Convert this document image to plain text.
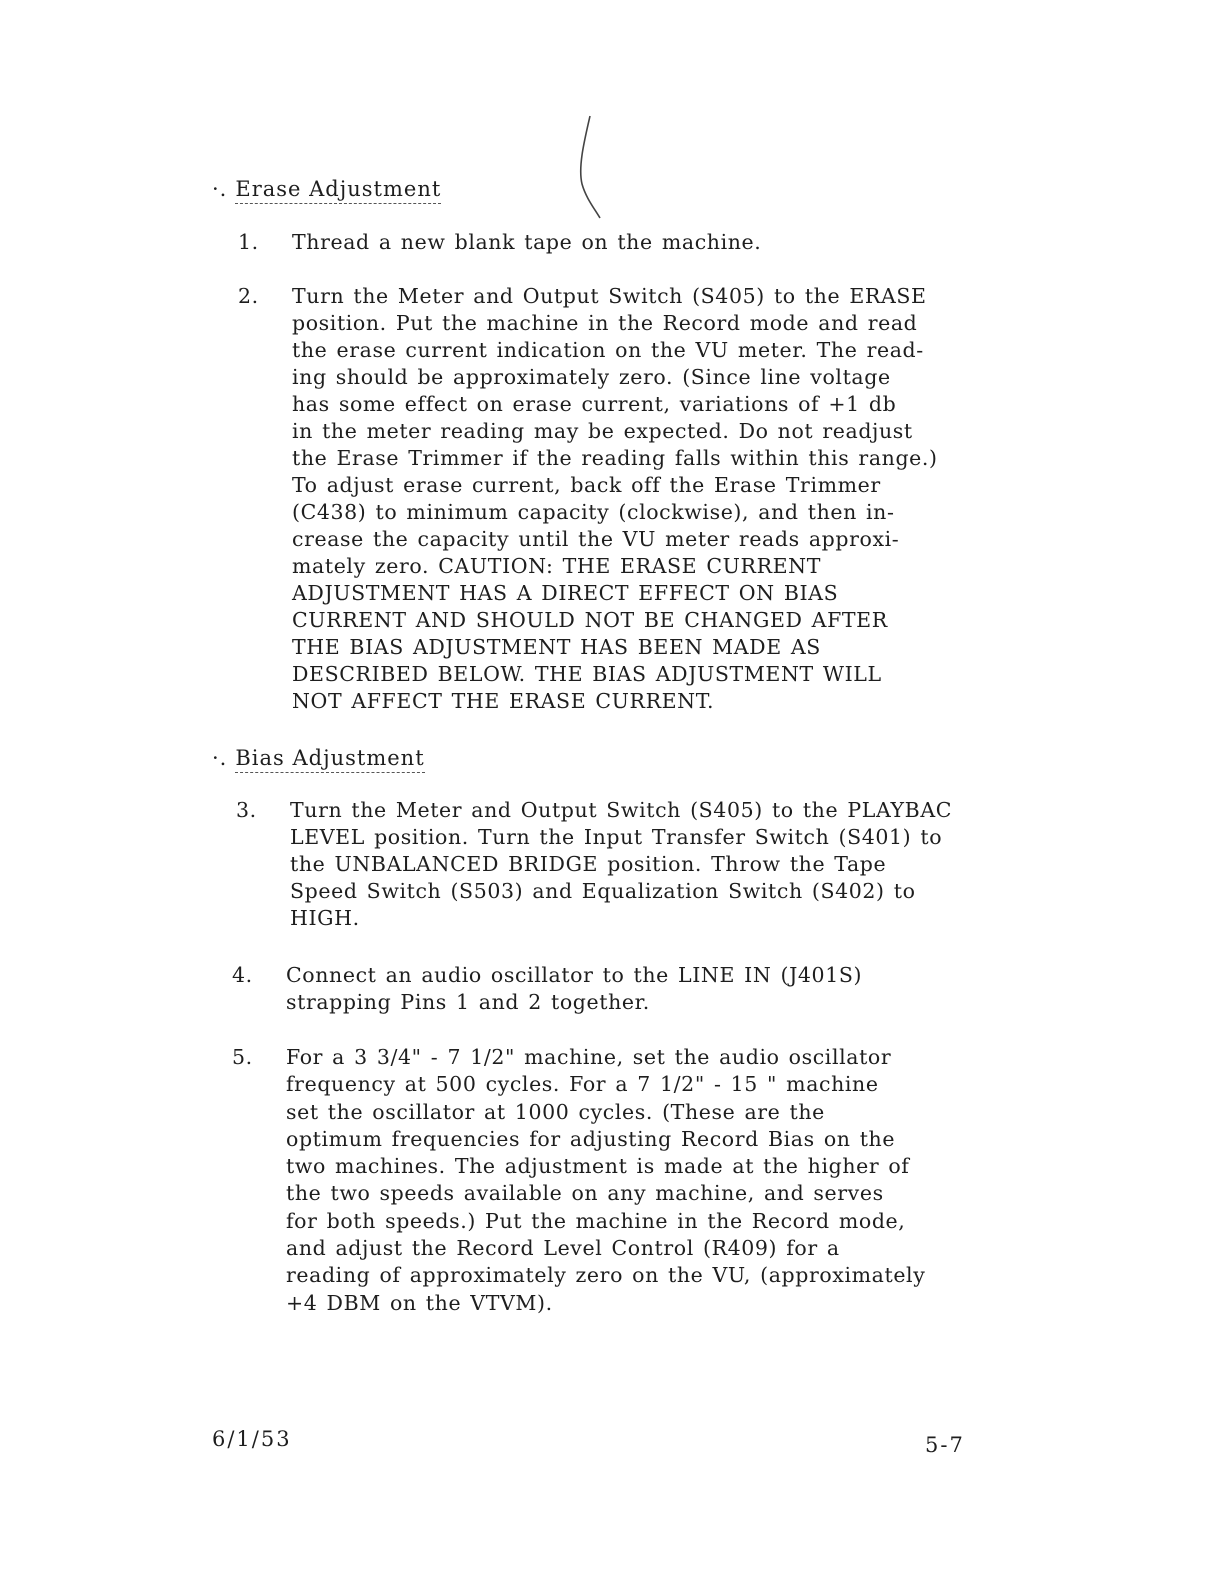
·. Erase Adjustment
1.	Thread a new blank tape on the machine.
2.	Turn the Meter and Output Switch (S405) to the ERASE
position. Put the machine in the Record mode and read
the erase current indication on the VU meter. The read-
ing should be approximately zero. (Since line voltage
has some effect on erase current, variations of +1 db
in the meter reading may be expected. Do not readjust
the Erase Trimmer if the reading falls within this range.)
To adjust erase current, back off the Erase Trimmer
(C438) to minimum capacity (clockwise), and then in-
crease the capacity until the VU meter reads approxi-
mately zero. CAUTION: THE ERASE CURRENT
ADJUSTMENT HAS A DIRECT EFFECT ON BIAS
CURRENT AND SHOULD NOT BE CHANGED AFTER
THE BIAS ADJUSTMENT HAS BEEN MADE AS
DESCRIBED BELOW. THE BIAS ADJUSTMENT WILL
NOT AFFECT THE ERASE CURRENT.
·. Bias Adjustment
3.	Turn the Meter and Output Switch (S405) to the PLAYBAC
LEVEL position. Turn the Input Transfer Switch (S401) to
the UNBALANCED BRIDGE position. Throw the Tape
Speed Switch (S503) and Equalization Switch (S402) to
HIGH.
4.	Connect an audio oscillator to the LINE IN (J401S)
strapping Pins 1 and 2 together.
5.	For a 3 3/4" - 7 1/2" machine, set the audio oscillator
frequency at 500 cycles. For a 7 1/2" - 15 " machine
set the oscillator at 1000 cycles. (These are the
optimum frequencies for adjusting Record Bias on the
two machines. The adjustment is made at the higher of
the two speeds available on any machine, and serves
for both speeds.) Put the machine in the Record mode,
and adjust the Record Level Control (R409) for a
reading of approximately zero on the VU, (approximately
+4 DBM on the VTVM).
6/1/53	5-7
